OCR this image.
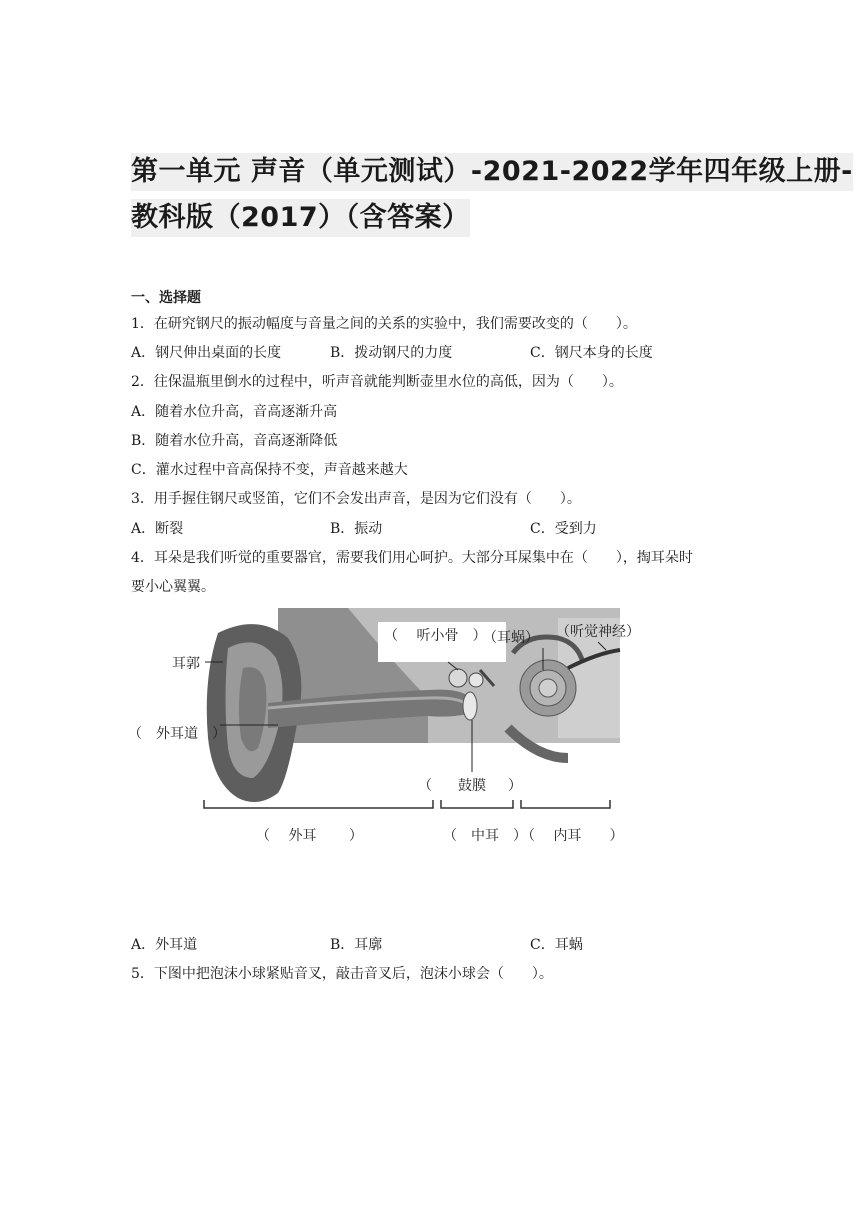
第一单元 声音（单元测试）-2021-2022学年四年级上册-
教科版（2017）（含答案）
一、选择题
1．在研究钢尺的振动幅度与音量之间的关系的实验中，我们需要改变的（　　）。
A．钢尺伸出桌面的长度	B．拨动钢尺的力度	C．钢尺本身的长度
2．往保温瓶里倒水的过程中，听声音就能判断壶里水位的高低，因为（　　）。
A．随着水位升高，音高逐渐升高
B．随着水位升高，音高逐渐降低
C．灌水过程中音高保持不变，声音越来越大
3．用手握住钢尺或竖笛，它们不会发出声音，是因为它们没有（　　）。
A．断裂	B．振动	C．受到力
4．耳朵是我们听觉的重要器官，需要我们用心呵护。大部分耳屎集中在（　　），掏耳朵时
要小心翼翼。
（　 听小骨　）
（耳蜗） （听觉神经）
耳郭
（　外耳道　）
（ 鼓膜 ）
（　 外耳　　 ）	（　中耳　）
（　 内耳　　）
A．外耳道	B．耳廓	C．耳蜗
5．下图中把泡沫小球紧贴音叉，敲击音叉后，泡沫小球会（　　）。
